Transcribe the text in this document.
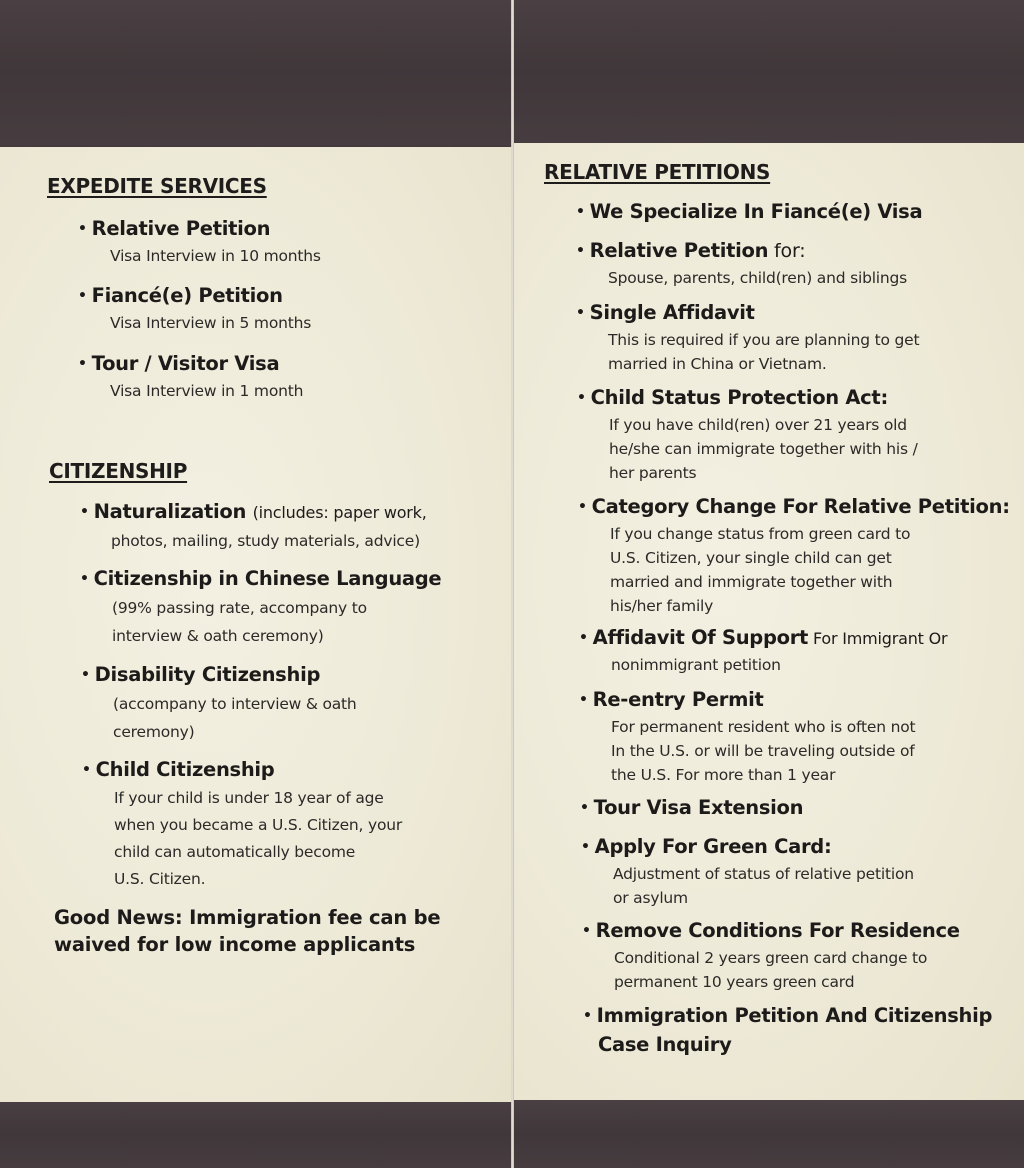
EXPEDITE SERVICES
• Relative Petition
Visa Interview in 10 months
• Fiancé(e) Petition
Visa Interview in 5 months
• Tour / Visitor Visa
Visa Interview in 1 month
CITIZENSHIP
• Naturalization (includes: paper work,
photos, mailing, study materials, advice)
• Citizenship in Chinese Language
(99% passing rate, accompany to
interview & oath ceremony)
• Disability Citizenship
(accompany to interview & oath
ceremony)
• Child Citizenship
If your child is under 18 year of age
when you became a U.S. Citizen, your
child can automatically become
U.S. Citizen.
Good News: Immigration fee can be
waived for low income applicants
RELATIVE PETITIONS
• We Specialize In Fiancé(e) Visa
• Relative Petition for:
Spouse, parents, child(ren) and siblings
• Single Affidavit
This is required if you are planning to get
married in China or Vietnam.
• Child Status Protection Act:
If you have child(ren) over 21 years old
he/she can immigrate together with his /
her parents
• Category Change For Relative Petition:
If you change status from green card to
U.S. Citizen, your single child can get
married and immigrate together with
his/her family
• Affidavit Of Support For Immigrant Or
nonimmigrant petition
• Re-entry Permit
For permanent resident who is often not
In the U.S. or will be traveling outside of
the U.S. For more than 1 year
• Tour Visa Extension
• Apply For Green Card:
Adjustment of status of relative petition
or asylum
• Remove Conditions For Residence
Conditional 2 years green card change to
permanent 10 years green card
• Immigration Petition And Citizenship
Case Inquiry
